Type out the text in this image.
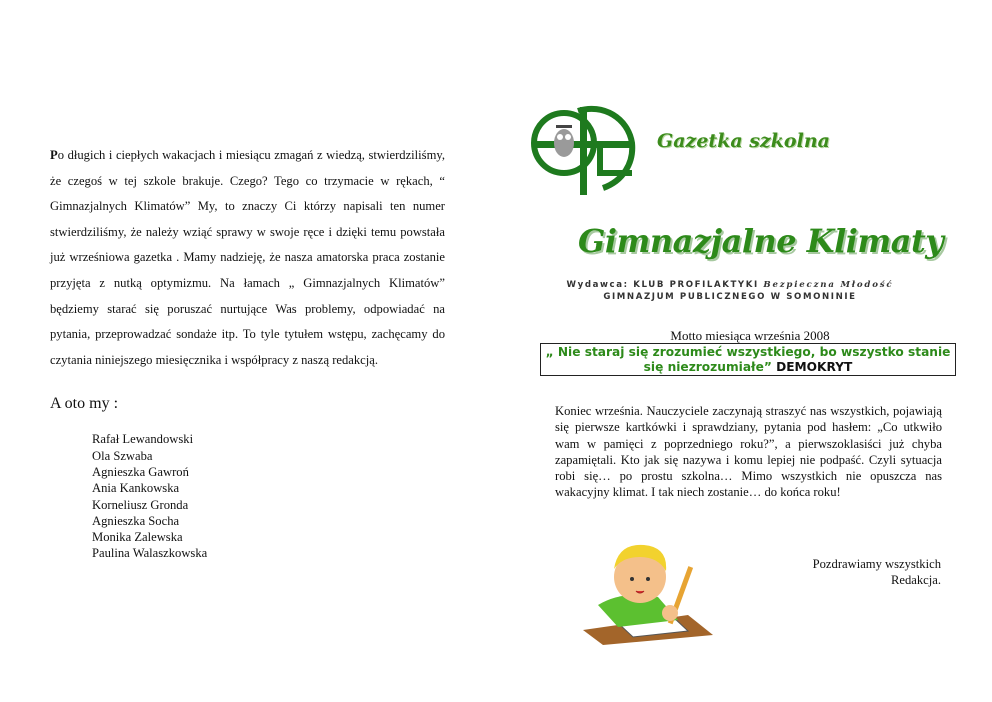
Po długich i ciepłych wakacjach i miesiącu zmagań z wiedzą, stwierdziliśmy, że czegoś w tej szkole brakuje. Czego? Tego co trzymacie w rękach, “ Gimnazjalnych Klimatów” My, to znaczy Ci którzy napisali ten numer stwierdziliśmy, że należy wziąć sprawy w swoje ręce i dzięki temu powstała już wrześniowa gazetka . Mamy nadzieję, że nasza amatorska praca zostanie przyjęta z nutką optymizmu. Na łamach „ Gimnazjalnych Klimatów” będziemy starać się poruszać nurtujące Was problemy, odpowiadać na pytania, przeprowadzać sondaże itp. To tyle tytułem wstępu, zachęcamy do czytania niniejszego miesięcznika i współpracy z naszą redakcją.

A oto my :
Rafał Lewandowski
Ola Szwaba
Agnieszka Gawroń
Ania Kankowska
Korneliusz Gronda
Agnieszka Socha
Monika Zalewska
Paulina Walaszkowska
Gazetka szkolna
Gimnazjalne Klimaty
Wydawca: KLUB PROFILAKTYKI Bezpieczna Młodość
GIMNAZJUM PUBLICZNEGO W SOMONINIE
Motto miesiąca września 2008
„ Nie staraj się zrozumieć wszystkiego, bo wszystko stanie się niezrozumiałe” DEMOKRYT

Koniec września. Nauczyciele zaczynają straszyć nas wszystkich, pojawiają się pierwsze kartkówki i sprawdziany, pytania pod hasłem: „Co utkwiło wam w pamięci z poprzedniego roku?”, a pierwszoklasiści już chyba zapamiętali. Kto jak się nazywa i komu lepiej nie podpaść. Czyli sytuacja robi się… po prostu szkolna… Mimo wszystkich nie opuszcza nas wakacyjny klimat. I tak niech zostanie… do końca roku!

Pozdrawiamy wszystkich
Redakcja.
